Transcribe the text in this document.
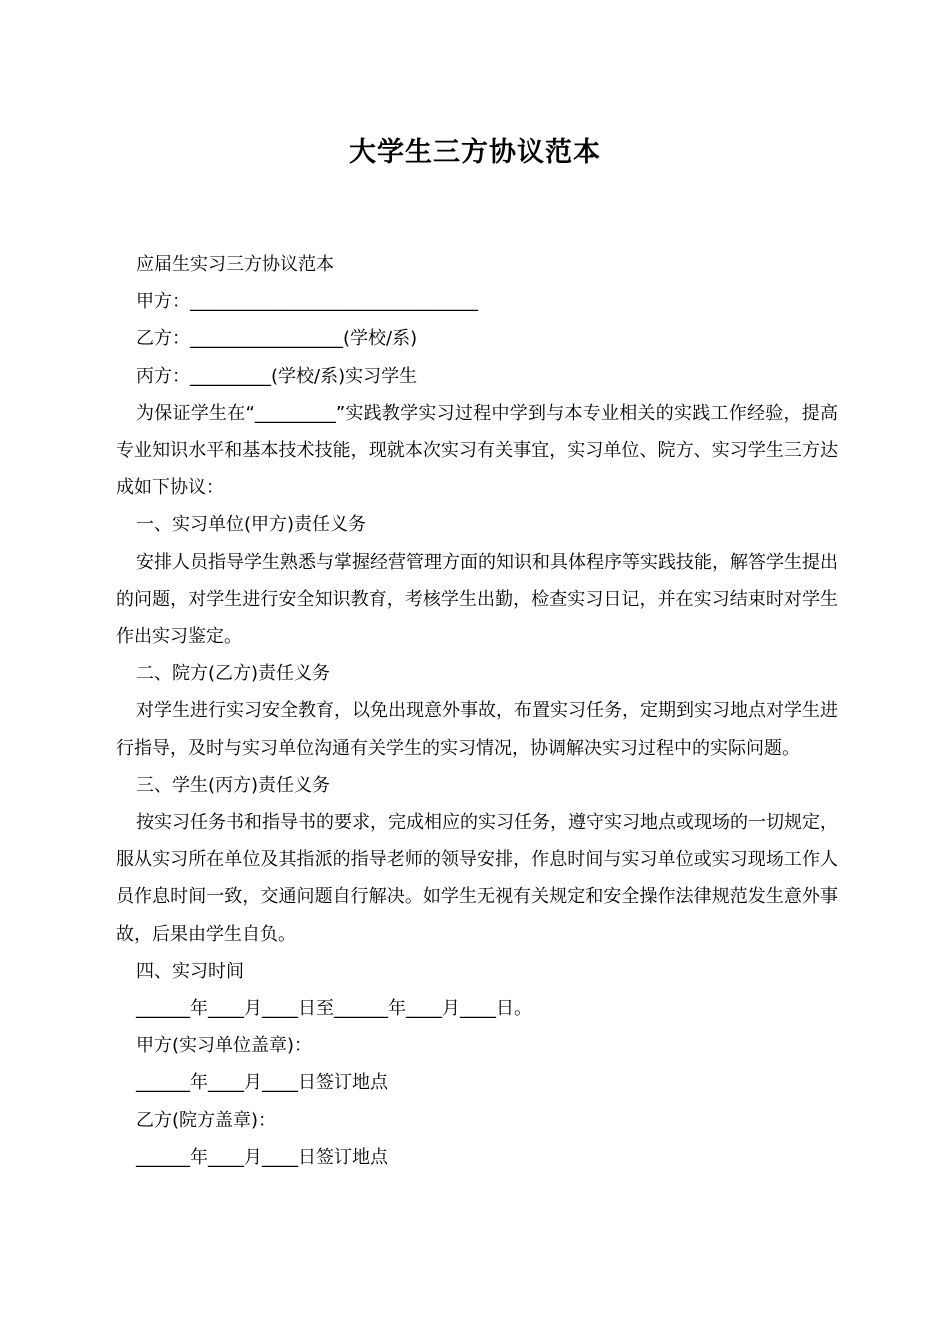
大学生三方协议范本
应届生实习三方协议范本
甲方：________________________________
乙方：_________________(学校/系)
丙方：_________(学校/系)实习学生
为保证学生在“_________”实践教学实习过程中学到与本专业相关的实践工作经验，提高专业知识水平和基本技术技能，现就本次实习有关事宜，实习单位、院方、实习学生三方达成如下协议：
一、实习单位(甲方)责任义务
安排人员指导学生熟悉与掌握经营管理方面的知识和具体程序等实践技能，解答学生提出的问题，对学生进行安全知识教育，考核学生出勤，检查实习日记，并在实习结束时对学生作出实习鉴定。
二、院方(乙方)责任义务
对学生进行实习安全教育，以免出现意外事故，布置实习任务，定期到实习地点对学生进行指导，及时与实习单位沟通有关学生的实习情况，协调解决实习过程中的实际问题。
三、学生(丙方)责任义务
按实习任务书和指导书的要求，完成相应的实习任务，遵守实习地点或现场的一切规定，服从实习所在单位及其指派的指导老师的领导安排，作息时间与实习单位或实习现场工作人员作息时间一致，交通问题自行解决。如学生无视有关规定和安全操作法律规范发生意外事故，后果由学生自负。
四、实习时间
______年____月____日至______年____月____日。
甲方(实习单位盖章)：
______年____月____日签订地点
乙方(院方盖章)：
______年____月____日签订地点
